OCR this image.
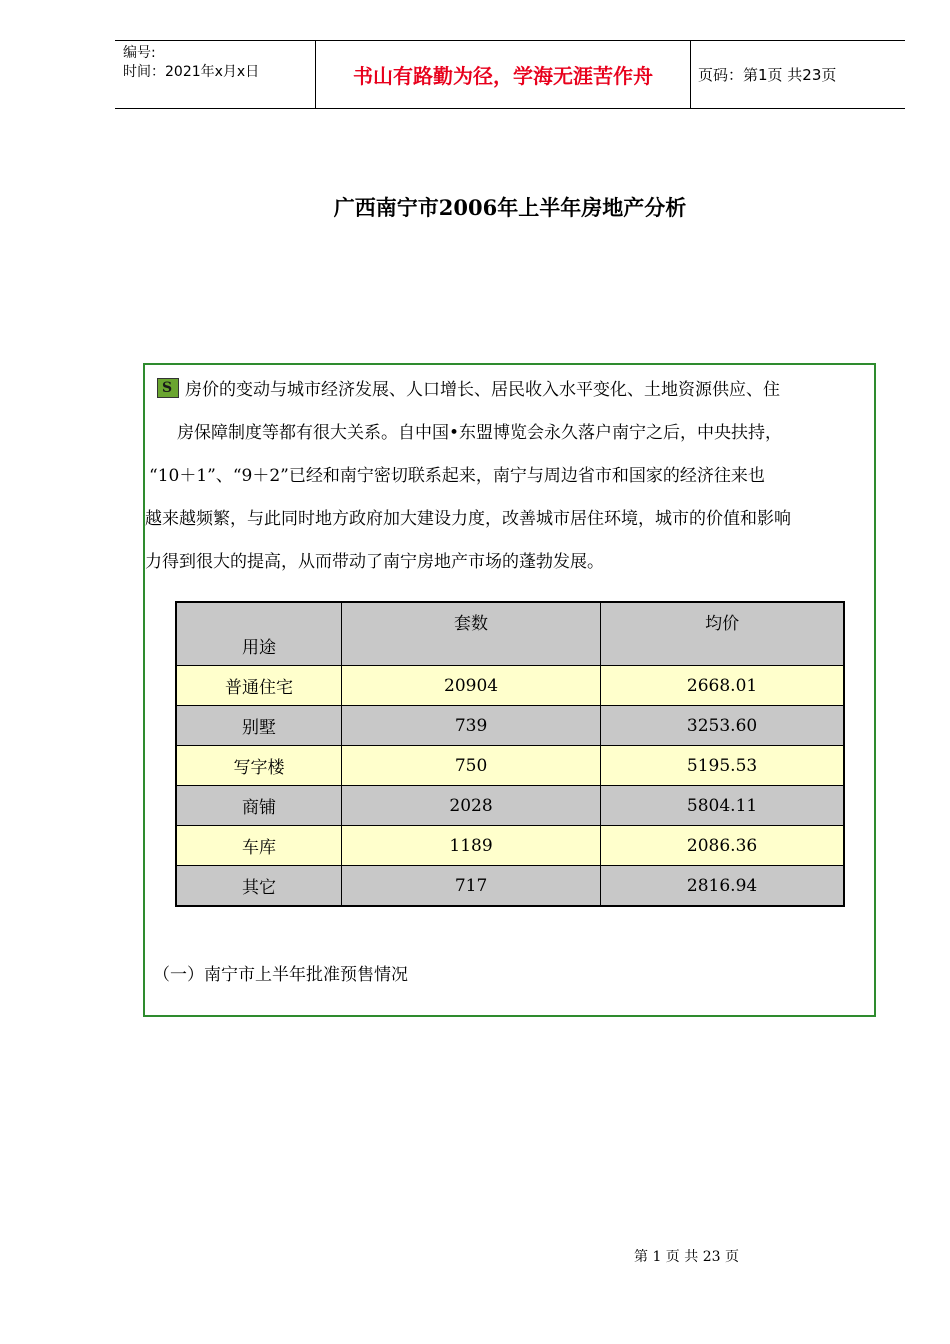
编号:
时间：2021年x月x日	书山有路勤为径，学海无涯苦作舟	页码：第1页 共23页
广西南宁市2006年上半年房地产分析
S 房价的变动与城市经济发展、人口增长、居民收入水平变化、土地资源供应、住
房保障制度等都有很大关系。自中国•东盟博览会永久落户南宁之后，中央扶持，
“10＋1”、“9＋2”已经和南宁密切联系起来，南宁与周边省市和国家的经济往来也
越来越频繁，与此同时地方政府加大建设力度，改善城市居住环境，城市的价值和影响
力得到很大的提高，从而带动了南宁房地产市场的蓬勃发展。
用途	套数	均价

普通住宅	20904	2668.01
别墅	739	3253.60
写字楼	750	5195.53
商铺	2028	5804.11
车库	1189	2086.36
其它	717	2816.94
（一）南宁市上半年批准预售情况
第 1 页 共 23 页
